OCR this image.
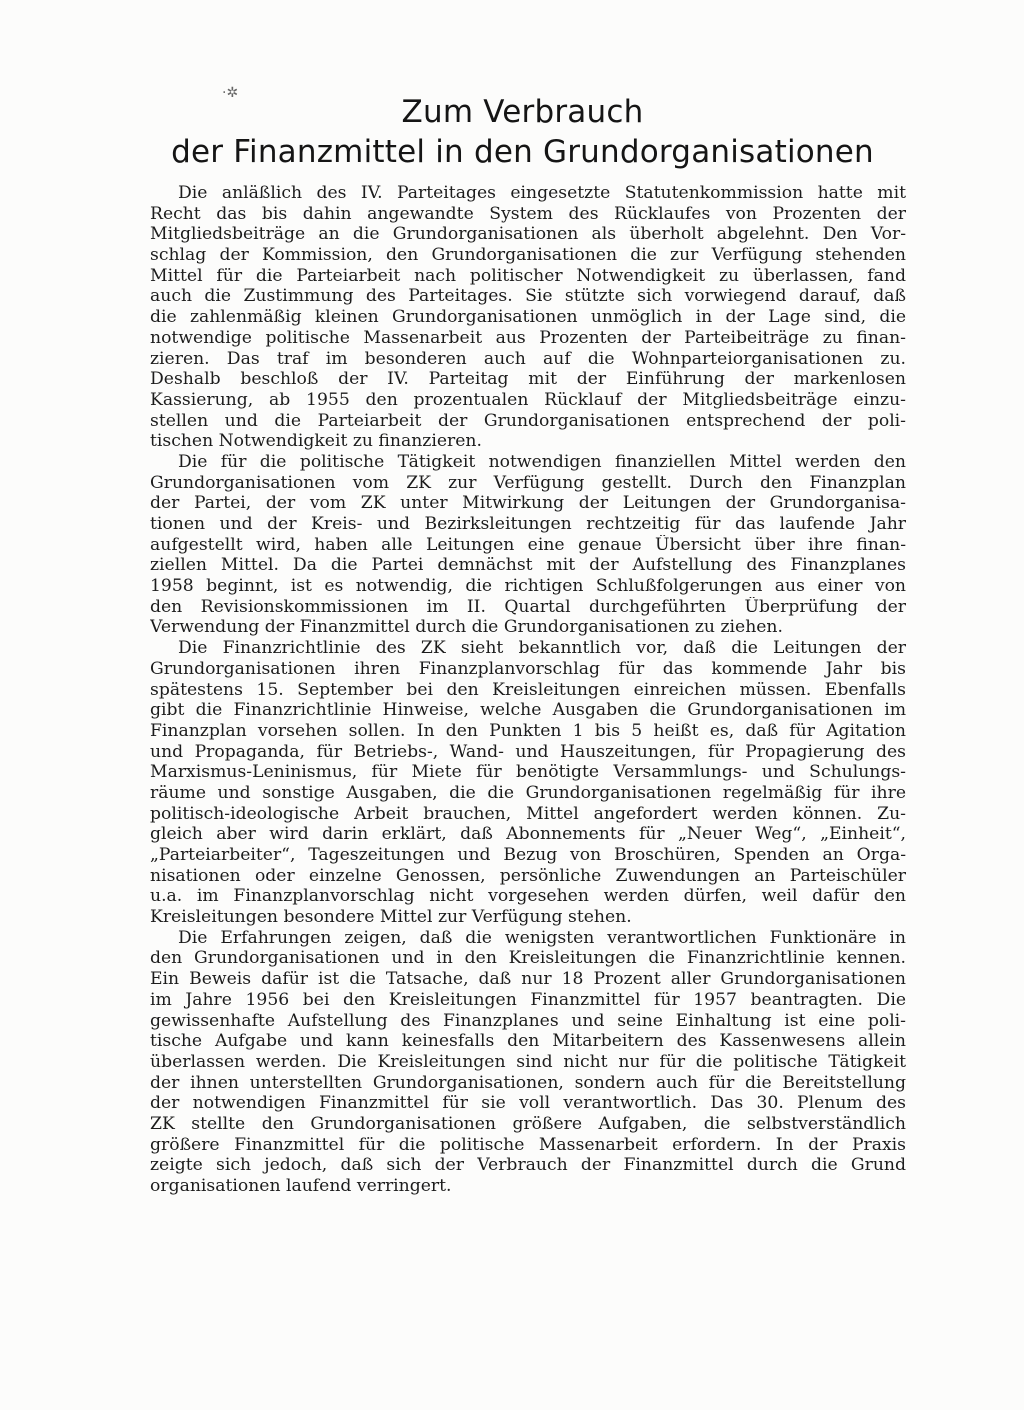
·✲
Zum Verbrauch
der Finanzmittel in den Grundorganisationen
Die anläßlich des IV. Parteitages eingesetzte Statutenkommission hatte mit
Recht das bis dahin angewandte System des Rücklaufes von Prozenten der
Mitgliedsbeiträge an die Grundorganisationen als überholt abgelehnt. Den Vor-
schlag der Kommission, den Grundorganisationen die zur Verfügung stehenden
Mittel für die Parteiarbeit nach politischer Notwendigkeit zu überlassen, fand
auch die Zustimmung des Parteitages. Sie stützte sich vorwiegend darauf, daß
die zahlenmäßig kleinen Grundorganisationen unmöglich in der Lage sind, die
notwendige politische Massenarbeit aus Prozenten der Parteibeiträge zu finan-
zieren. Das traf im besonderen auch auf die Wohnparteiorganisationen zu.
Deshalb beschloß der IV. Parteitag mit der Einführung der markenlosen
Kassierung, ab 1955 den prozentualen Rücklauf der Mitgliedsbeiträge einzu-
stellen und die Parteiarbeit der Grundorganisationen entsprechend der poli-
tischen Notwendigkeit zu finanzieren.
Die für die politische Tätigkeit notwendigen finanziellen Mittel werden den
Grundorganisationen vom ZK zur Verfügung gestellt. Durch den Finanzplan
der Partei, der vom ZK unter Mitwirkung der Leitungen der Grundorganisa-
tionen und der Kreis- und Bezirksleitungen rechtzeitig für das laufende Jahr
aufgestellt wird, haben alle Leitungen eine genaue Übersicht über ihre finan-
ziellen Mittel. Da die Partei demnächst mit der Aufstellung des Finanzplanes
1958 beginnt, ist es notwendig, die richtigen Schlußfolgerungen aus einer von
den Revisionskommissionen im II. Quartal durchgeführten Überprüfung der
Verwendung der Finanzmittel durch die Grundorganisationen zu ziehen.
Die Finanzrichtlinie des ZK sieht bekanntlich vor, daß die Leitungen der
Grundorganisationen ihren Finanzplanvorschlag für das kommende Jahr bis
spätestens 15. September bei den Kreisleitungen einreichen müssen. Ebenfalls
gibt die Finanzrichtlinie Hinweise, welche Ausgaben die Grundorganisationen im
Finanzplan vorsehen sollen. In den Punkten 1 bis 5 heißt es, daß für Agitation
und Propaganda, für Betriebs-, Wand- und Hauszeitungen, für Propagierung des
Marxismus-Leninismus, für Miete für benötigte Versammlungs- und Schulungs-
räume und sonstige Ausgaben, die die Grundorganisationen regelmäßig für ihre
politisch-ideologische Arbeit brauchen, Mittel angefordert werden können. Zu-
gleich aber wird darin erklärt, daß Abonnements für „Neuer Weg“, „Einheit“,
„Parteiarbeiter“, Tageszeitungen und Bezug von Broschüren, Spenden an Orga-
nisationen oder einzelne Genossen, persönliche Zuwendungen an Parteischüler
u.a. im Finanzplanvorschlag nicht vorgesehen werden dürfen, weil dafür den
Kreisleitungen besondere Mittel zur Verfügung stehen.
Die Erfahrungen zeigen, daß die wenigsten verantwortlichen Funktionäre in
den Grundorganisationen und in den Kreisleitungen die Finanzrichtlinie kennen.
Ein Beweis dafür ist die Tatsache, daß nur 18 Prozent aller Grundorganisationen
im Jahre 1956 bei den Kreisleitungen Finanzmittel für 1957 beantragten. Die
gewissenhafte Aufstellung des Finanzplanes und seine Einhaltung ist eine poli-
tische Aufgabe und kann keinesfalls den Mitarbeitern des Kassenwesens allein
überlassen werden. Die Kreisleitungen sind nicht nur für die politische Tätigkeit
der ihnen unterstellten Grundorganisationen, sondern auch für die Bereitstellung
der notwendigen Finanzmittel für sie voll verantwortlich. Das 30. Plenum des
ZK stellte den Grundorganisationen größere Aufgaben, die selbstverständlich
größere Finanzmittel für die politische Massenarbeit erfordern. In der Praxis
zeigte sich jedoch, daß sich der Verbrauch der Finanzmittel durch die Grund
organisationen laufend verringert.
